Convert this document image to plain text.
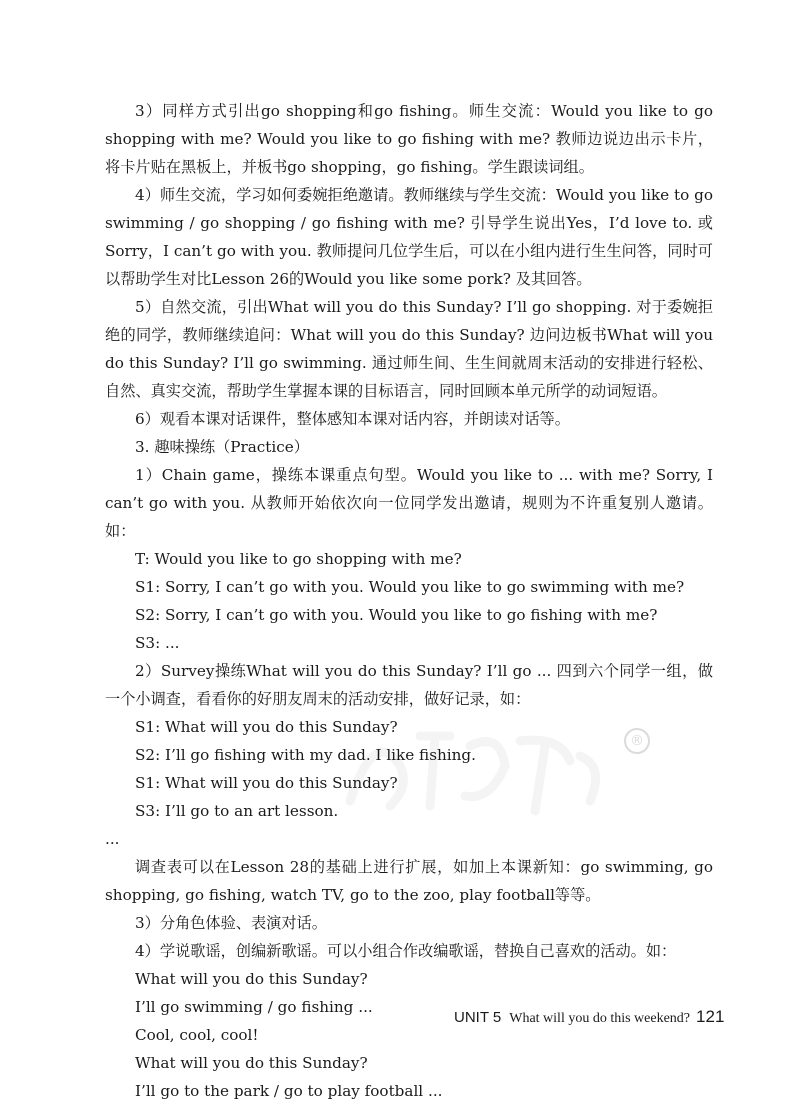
®

3）同样方式引出go shopping和go fishing。师生交流：Would you like to go shopping with me? Would you like to go fishing with me? 教师边说边出示卡片，将卡片贴在黑板上，并板书go shopping，go fishing。学生跟读词组。

4）师生交流，学习如何委婉拒绝邀请。教师继续与学生交流：Would you like to go swimming / go shopping / go fishing with me? 引导学生说出Yes，I’d love to. 或Sorry，I can’t go with you. 教师提问几位学生后，可以在小组内进行生生问答，同时可以帮助学生对比Lesson 26的Would you like some pork? 及其回答。

5）自然交流，引出What will you do this Sunday? I’ll go shopping. 对于委婉拒绝的同学，教师继续追问：What will you do this Sunday? 边问边板书What will you do this Sunday? I’ll go swimming. 通过师生间、生生间就周末活动的安排进行轻松、自然、真实交流，帮助学生掌握本课的目标语言，同时回顾本单元所学的动词短语。

6）观看本课对话课件，整体感知本课对话内容，并朗读对话等。

3. 趣味操练（Practice）

1）Chain game，操练本课重点句型。Would you like to ... with me? Sorry, I can’t go with you. 从教师开始依次向一位同学发出邀请，规则为不许重复别人邀请。如：

T: Would you like to go shopping with me?

S1: Sorry, I can’t go with you. Would you like to go swimming with me?

S2: Sorry, I can’t go with you. Would you like to go fishing with me?

S3: ...

2）Survey操练What will you do this Sunday? I’ll go ... 四到六个同学一组，做一个小调查，看看你的好朋友周末的活动安排，做好记录，如：

S1: What will you do this Sunday?

S2: I’ll go fishing with my dad. I like fishing.

S1: What will you do this Sunday?

S3: I’ll go to an art lesson.

...

调查表可以在Lesson 28的基础上进行扩展，如加上本课新知：go swimming, go shopping, go fishing, watch TV, go to the zoo, play football等等。

3）分角色体验、表演对话。

4）学说歌谣，创编新歌谣。可以小组合作改编歌谣，替换自己喜欢的活动。如：

What will you do this Sunday?

I’ll go swimming / go fishing ...

Cool, cool, cool!

What will you do this Sunday?

I’ll go to the park / go to play football ...

UNIT 5 What will you do this weekend? 121
